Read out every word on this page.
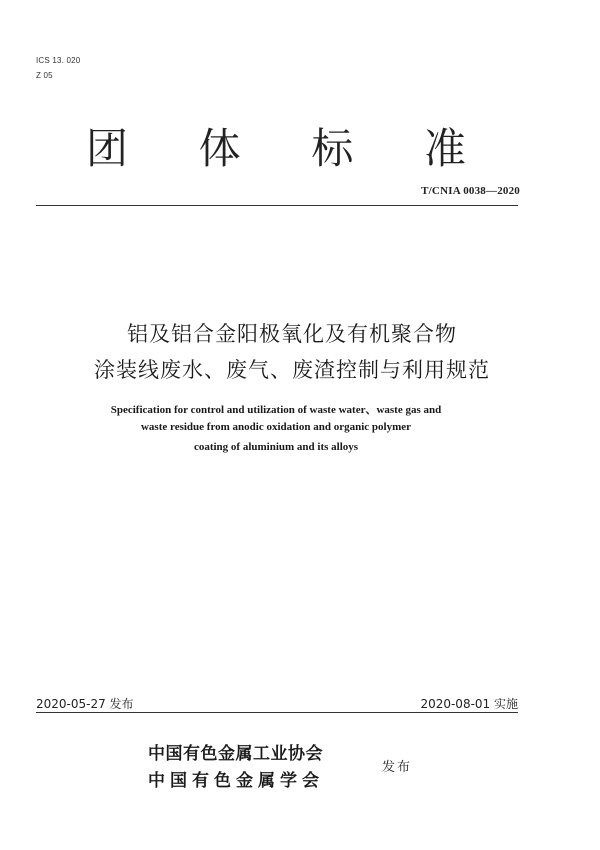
ICS 13. 020
Z 05
团 体 标 准
T/CNIA 0038—2020
铝及铝合金阳极氧化及有机聚合物
涂装线废水、废气、废渣控制与利用规范
Specification for control and utilization of waste water、waste gas and
waste residue from anodic oxidation and organic polymer
coating of aluminium and its alloys
2020-05-27 发布	2020-08-01 实施
中国有色金属工业协会
中国有色金属学会
发布
